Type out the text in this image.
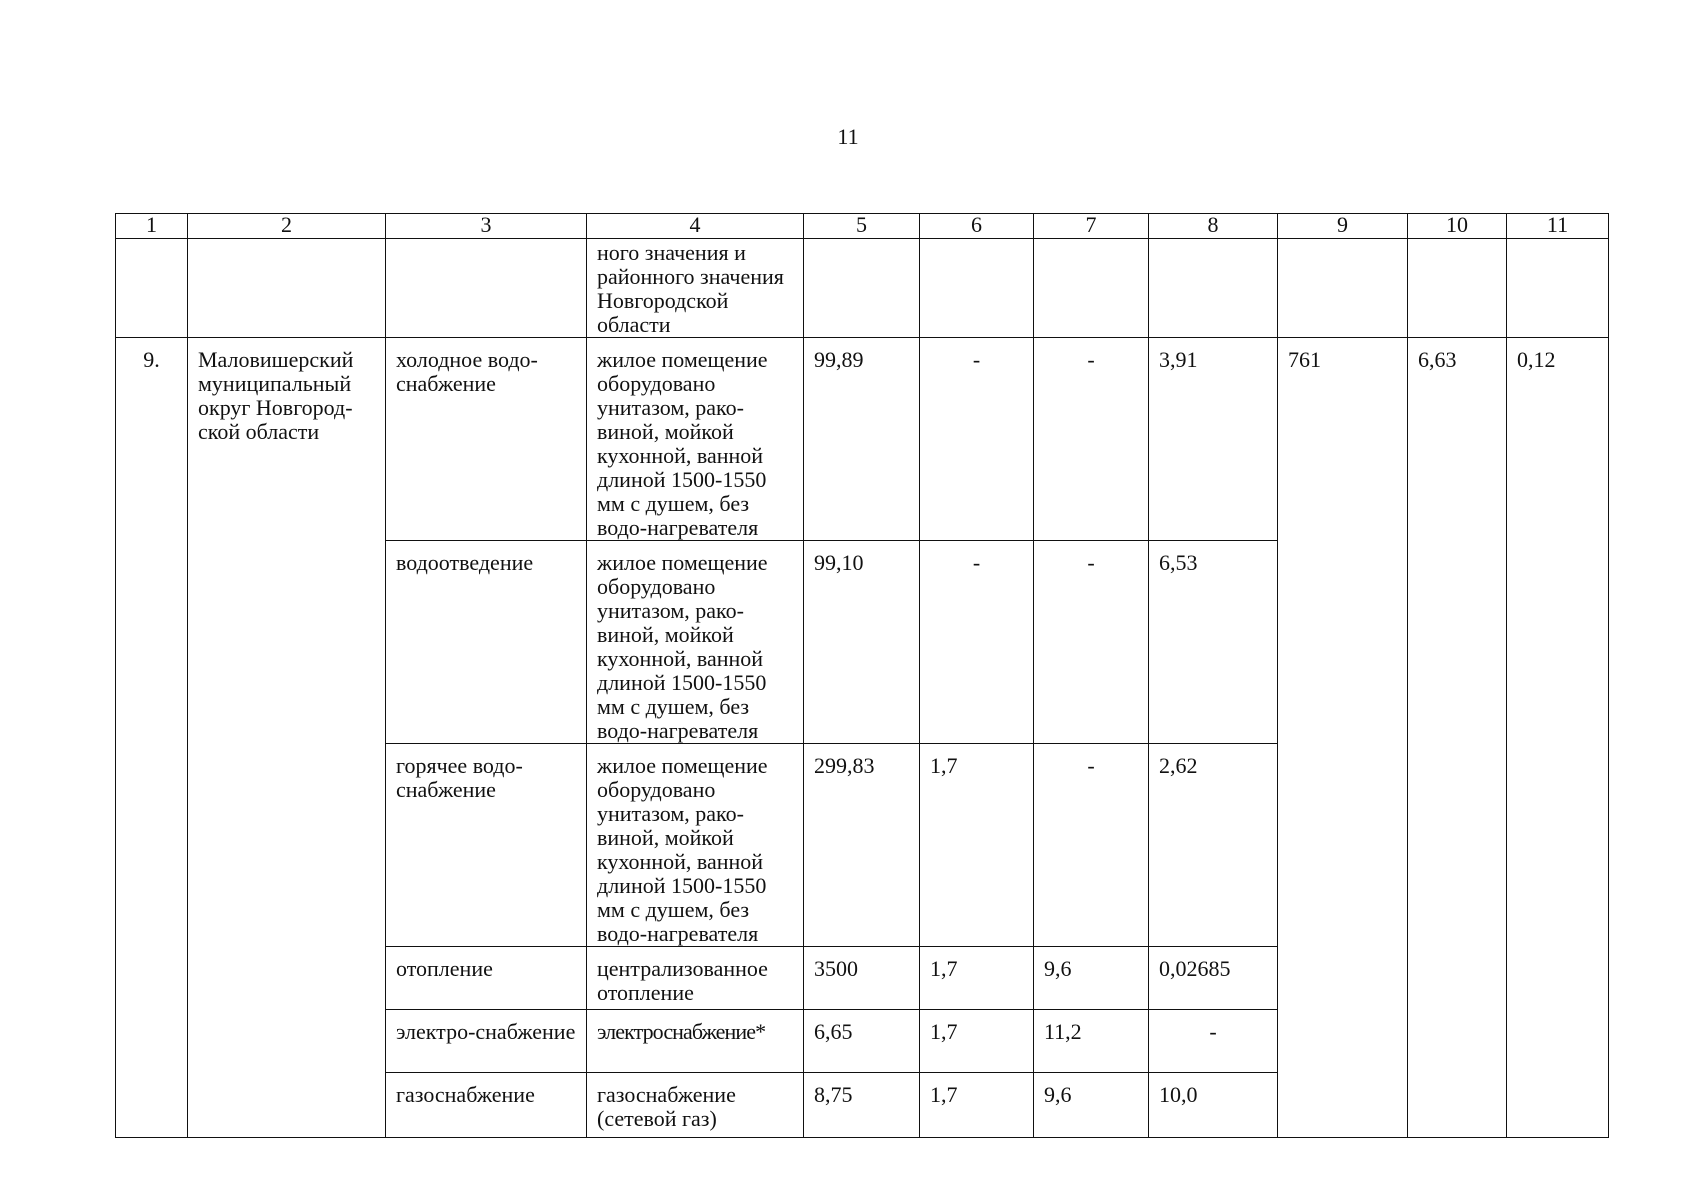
11
1	2	3	4	5	6	7	8	9	10	11
			ного значения и районного значения Новгородской области							
9.	Маловишерский муниципальный округ Новгород-ской области	холодное водо-снабжение	жилое помещение оборудовано унитазом, рако-виной, мойкой кухонной, ванной длиной 1500-1550 мм с душем, без водо-нагревателя	99,89	-	-	3,91	761	6,63	0,12
		водоотведение	жилое помещение оборудовано унитазом, рако-виной, мойкой кухонной, ванной длиной 1500-1550 мм с душем, без водо-нагревателя	99,10	-	-	6,53			
		горячее водо-снабжение	жилое помещение оборудовано унитазом, рако-виной, мойкой кухонной, ванной длиной 1500-1550 мм с душем, без водо-нагревателя	299,83	1,7	-	2,62			
		отопление	централизованное отопление	3500	1,7	9,6	0,02685			
		электро-снабжение	электроснабжение*	6,65	1,7	11,2	-			
		газоснабжение	газоснабжение (сетевой газ)	8,75	1,7	9,6	10,0			
